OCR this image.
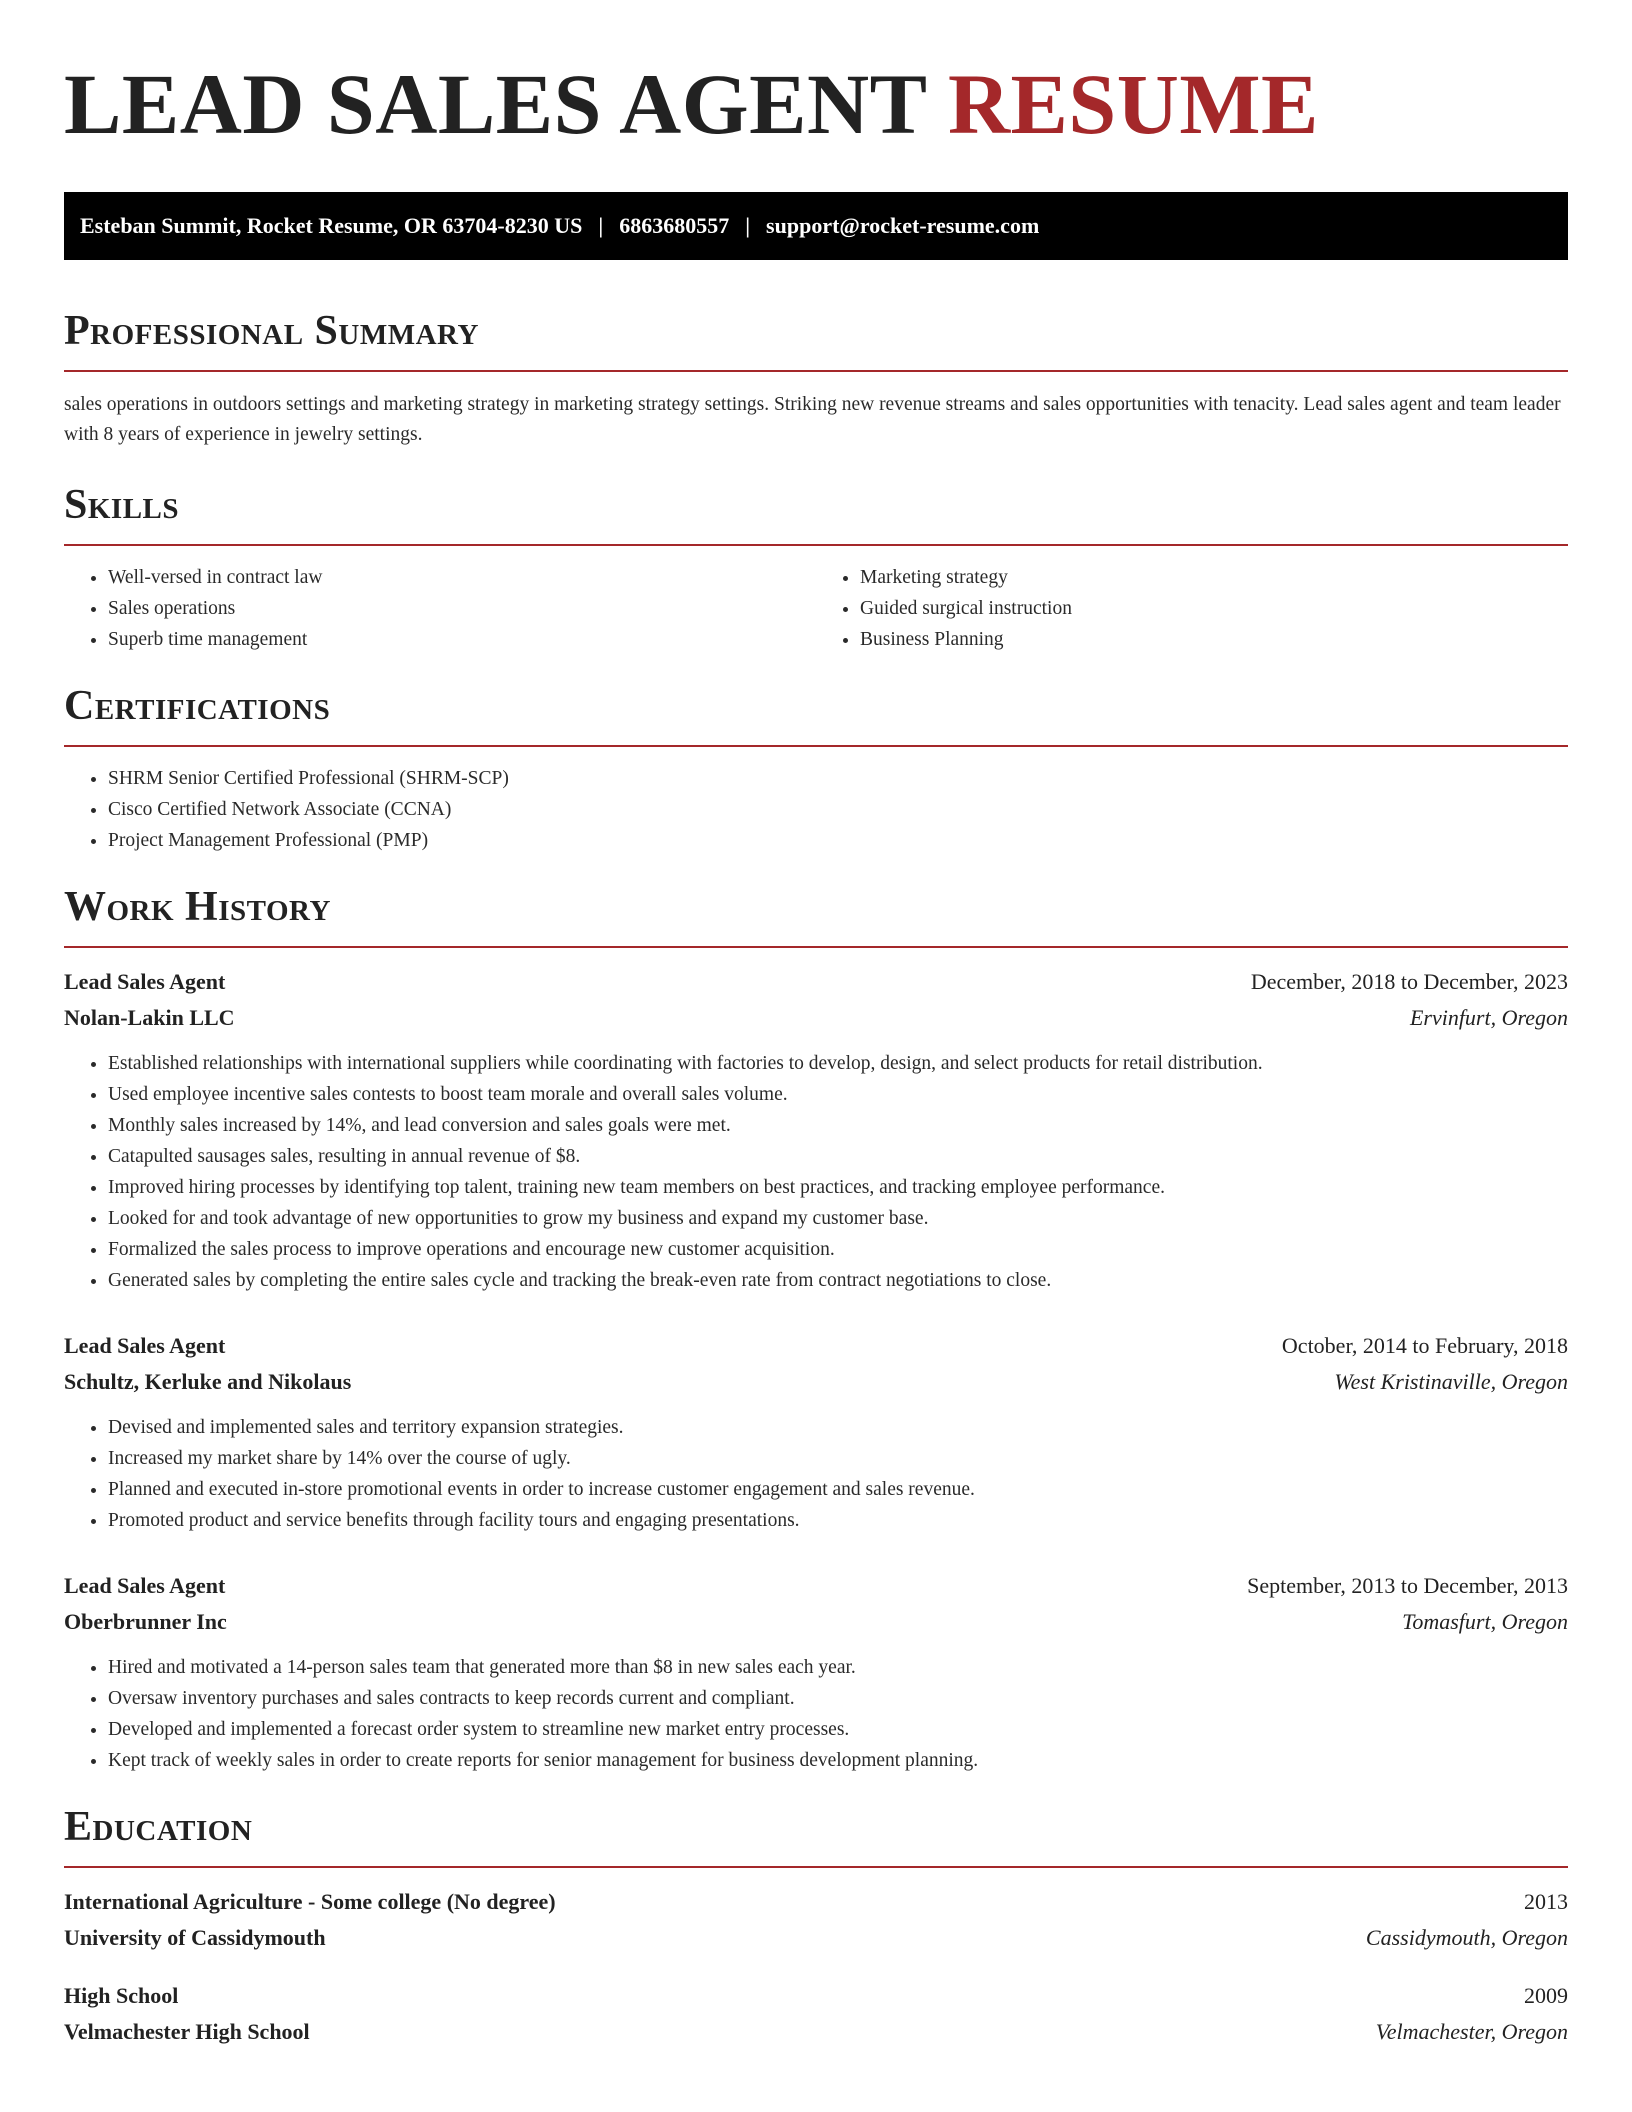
LEAD SALES AGENT RESUME
Esteban Summit, Rocket Resume, OR 63704-8230 US | 6863680557 | support@rocket-resume.com
Professional Summary

sales operations in outdoors settings and marketing strategy in marketing strategy settings. Striking new revenue streams and sales opportunities with tenacity. Lead sales agent and team leader with 8 years of experience in jewelry settings.

Skills
• Well-versed in contract law
• Sales operations
• Superb time management
• Marketing strategy
• Guided surgical instruction
• Business Planning
Certifications
• SHRM Senior Certified Professional (SHRM-SCP)
• Cisco Certified Network Associate (CCNA)
• Project Management Professional (PMP)
Work History
Lead Sales Agent	December, 2018 to December, 2023
Nolan-Lakin LLC	Ervinfurt, Oregon
• Established relationships with international suppliers while coordinating with factories to develop, design, and select products for retail distribution.
• Used employee incentive sales contests to boost team morale and overall sales volume.
• Monthly sales increased by 14%, and lead conversion and sales goals were met.
• Catapulted sausages sales, resulting in annual revenue of $8.
• Improved hiring processes by identifying top talent, training new team members on best practices, and tracking employee performance.
• Looked for and took advantage of new opportunities to grow my business and expand my customer base.
• Formalized the sales process to improve operations and encourage new customer acquisition.
• Generated sales by completing the entire sales cycle and tracking the break-even rate from contract negotiations to close.
Lead Sales Agent	October, 2014 to February, 2018
Schultz, Kerluke and Nikolaus	West Kristinaville, Oregon
• Devised and implemented sales and territory expansion strategies.
• Increased my market share by 14% over the course of ugly.
• Planned and executed in-store promotional events in order to increase customer engagement and sales revenue.
• Promoted product and service benefits through facility tours and engaging presentations.
Lead Sales Agent	September, 2013 to December, 2013
Oberbrunner Inc	Tomasfurt, Oregon
• Hired and motivated a 14-person sales team that generated more than $8 in new sales each year.
• Oversaw inventory purchases and sales contracts to keep records current and compliant.
• Developed and implemented a forecast order system to streamline new market entry processes.
• Kept track of weekly sales in order to create reports for senior management for business development planning.
Education
International Agriculture - Some college (No degree)	2013
University of Cassidymouth	Cassidymouth, Oregon
High School	2009
Velmachester High School	Velmachester, Oregon
